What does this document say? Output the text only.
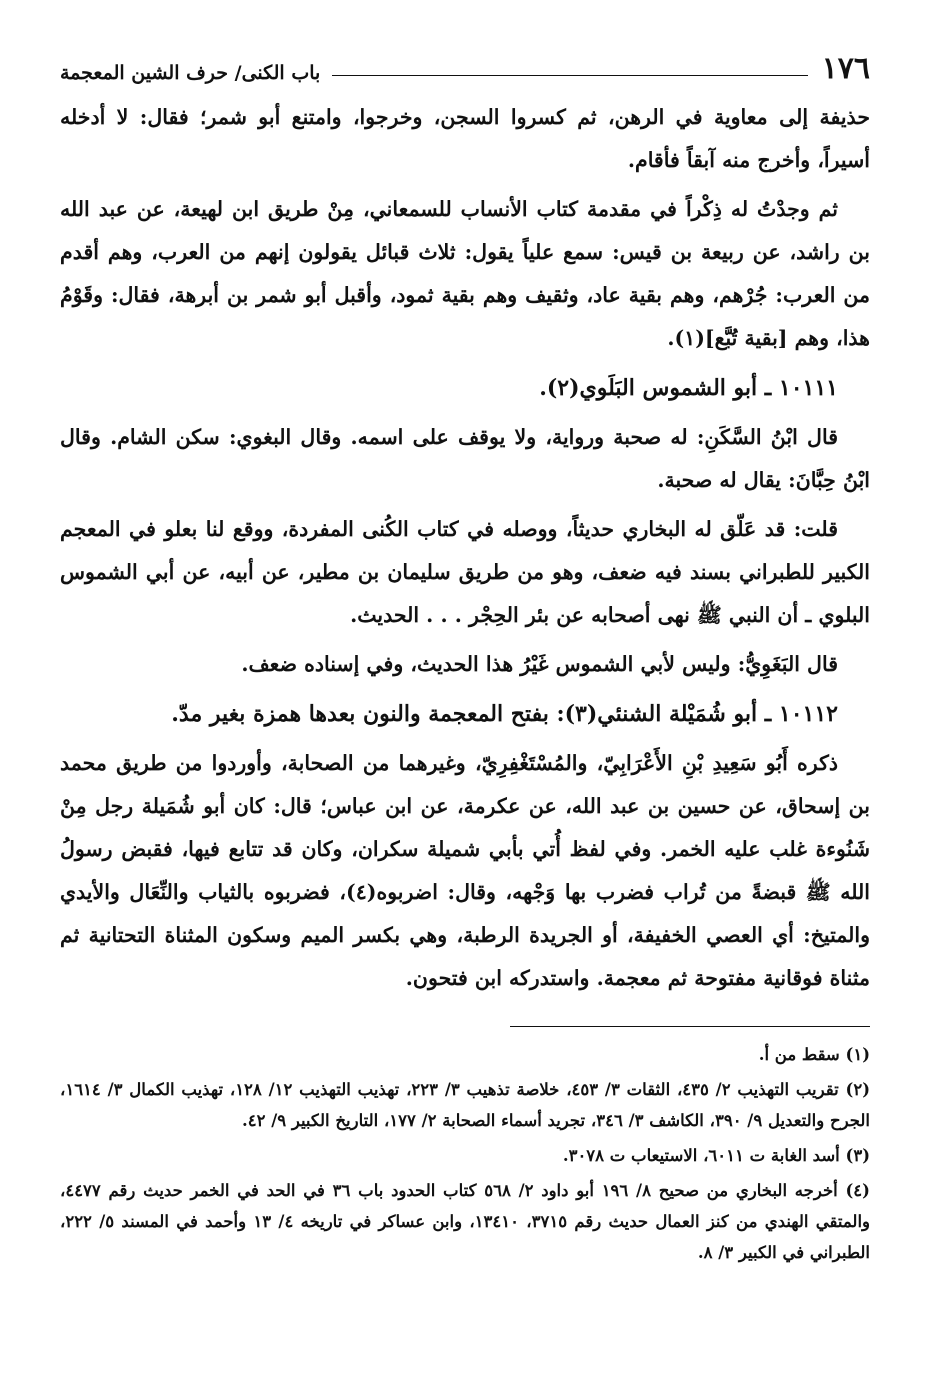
١٧٦
باب الكنى/ حرف الشين المعجمة

حذيفة إلى معاوية في الرهن، ثم كسروا السجن، وخرجوا، وامتنع أبو شمر؛ فقال: لا أدخله أسيراً، وأخرج منه آبقاً فأقام.

ثم وجدْتُ له ذِكْراً في مقدمة كتاب الأنساب للسمعاني، مِنْ طريق ابن لهيعة، عن عبد الله بن راشد، عن ربيعة بن قيس: سمع علياً يقول: ثلاث قبائل يقولون إنهم من العرب، وهم أقدم من العرب: جُرْهم، وهم بقية عاد، وثقيف وهم بقية ثمود، وأقبل أبو شمر بن أبرهة، فقال: وقَوْمُ هذا، وهم [بقية تُبَّع](١).

١٠١١١ ـ أبو الشموس البَلَوي(٢).

قال ابْنُ السَّكَنِ: له صحبة ورواية، ولا يوقف على اسمه. وقال البغوي: سكن الشام. وقال ابْنُ حِبَّانَ: يقال له صحبة.

قلت: قد عَلّق له البخاري حديثاً، ووصله في كتاب الكُنى المفردة، ووقع لنا بعلو في المعجم الكبير للطبراني بسند فيه ضعف، وهو من طريق سليمان بن مطير، عن أبيه، عن أبي الشموس البلوي ـ أن النبي ﷺ نهى أصحابه عن بئر الحِجْر . . . الحديث.

قال البَغَوِيُّ: وليس لأبي الشموس غَيْرُ هذا الحديث، وفي إسناده ضعف.

١٠١١٢ ـ أبو شُمَيْلة الشنئي(٣): بفتح المعجمة والنون بعدها همزة بغير مدّ.

ذكره أَبُو سَعِيدِ بْنِ الأَعْرَابِيّ، والمُسْتَغْفِرِيّ، وغيرهما من الصحابة، وأوردوا من طريق محمد بن إسحاق، عن حسين بن عبد الله، عن عكرمة، عن ابن عباس؛ قال: كان أبو شُمَيلة رجل مِنْ شَنُوءة غلب عليه الخمر. وفي لفظ أُتي بأبي شميلة سكران، وكان قد تتابع فيها، فقبض رسولُ الله ﷺ قبضةً من تُراب فضرب بها وَجْهه، وقال: اضربوه(٤)، فضربوه بالثياب والنِّعَال والأيدي والمتيخ: أي العصي الخفيفة، أو الجريدة الرطبة، وهي بكسر الميم وسكون المثناة التحتانية ثم مثناة فوقانية مفتوحة ثم معجمة. واستدركه ابن فتحون.

(١) سقط من أ.

(٢) تقريب التهذيب ٢/ ٤٣٥، الثقات ٣/ ٤٥٣، خلاصة تذهيب ٣/ ٢٢٣، تهذيب التهذيب ١٢/ ١٢٨، تهذيب الكمال ٣/ ١٦١٤، الجرح والتعديل ٩/ ٣٩٠، الكاشف ٣/ ٣٤٦، تجريد أسماء الصحابة ٢/ ١٧٧، التاريخ الكبير ٩/ ٤٢.

(٣) أسد الغابة ت ٦٠١١، الاستيعاب ت ٣٠٧٨.

(٤) أخرجه البخاري من صحيح ٨/ ١٩٦ أبو داود ٢/ ٥٦٨ كتاب الحدود باب ٣٦ في الحد في الخمر حديث رقم ٤٤٧٧، والمتقي الهندي من كنز العمال حديث رقم ٣٧١٥، ١٣٤١٠، وابن عساكر في تاريخه ٤/ ١٣ وأحمد في المسند ٥/ ٢٢٢، الطبراني في الكبير ٣/ ٨.
